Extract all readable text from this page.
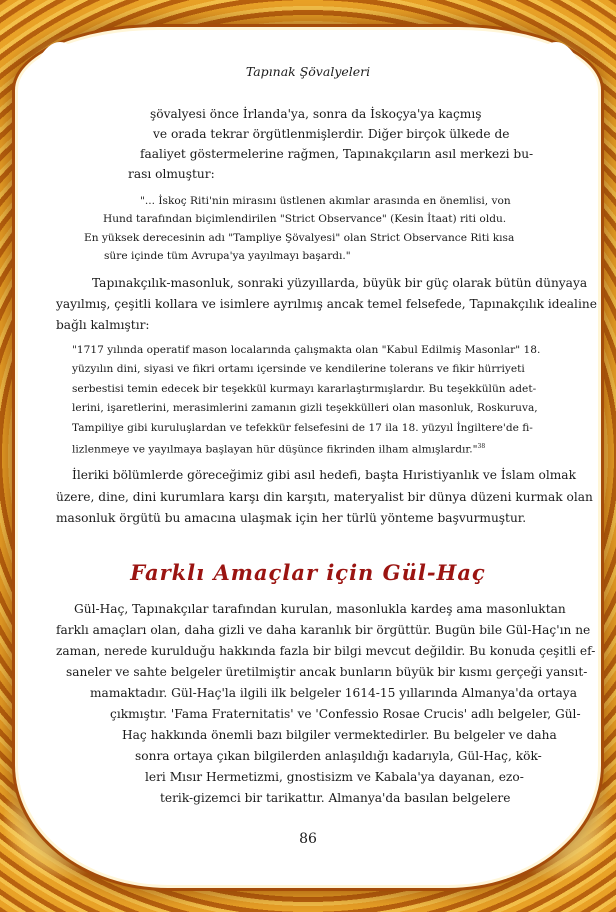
Tapınak Şövalyeleri
şövalyesi önce İrlanda'ya, sonra da İskoçya'ya kaçmış
ve orada tekrar örgütlenmişlerdir. Diğer birçok ülkede de
faaliyet göstermelerine rağmen, Tapınakçıların asıl merkezi bu-
rası olmuştur:
"... İskoç Riti'nin mirasını üstlenen akımlar arasında en önemlisi, von
Hund tarafından biçimlendirilen "Strict Observance" (Kesin İtaat) riti oldu.
En yüksek derecesinin adı "Tampliye Şövalyesi" olan Strict Observance Riti kısa
süre içinde tüm Avrupa'ya yayılmayı başardı."
Tapınakçılık-masonluk, sonraki yüzyıllarda, büyük bir güç olarak bütün dünyaya
yayılmış, çeşitli kollara ve isimlere ayrılmış ancak temel felsefede, Tapınakçılık idealine
bağlı kalmıştır:
"1717 yılında operatif mason localarında çalışmakta olan "Kabul Edilmiş Masonlar" 18.
yüzyılın dini, siyasi ve fikri ortamı içersinde ve kendilerine tolerans ve fikir hürriyeti
serbestisi temin edecek bir teşekkül kurmayı kararlaştırmışlardır. Bu teşekkülün adet-
lerini, işaretlerini, merasimlerini zamanın gizli teşekkülleri olan masonluk, Roskuruva,
Tampiliye gibi kuruluşlardan ve tefekkür felsefesini de 17 ila 18. yüzyıl İngiltere'de fi-
lizlenmeye ve yayılmaya başlayan hür düşünce fikrinden ilham almışlardır."$^{38}$
İleriki bölümlerde göreceğimiz gibi asıl hedefi, başta Hıristiyanlık ve İslam olmak
üzere, dine, dini kurumlara karşı din karşıtı, materyalist bir dünya düzeni kurmak olan
masonluk örgütü bu amacına ulaşmak için her türlü yönteme başvurmuştur.
Farklı Amaçlar için Gül-Haç
Gül-Haç, Tapınakçılar tarafından kurulan, masonlukla kardeş ama masonluktan
farklı amaçları olan, daha gizli ve daha karanlık bir örgüttür. Bugün bile Gül-Haç'ın ne
zaman, nerede kurulduğu hakkında fazla bir bilgi mevcut değildir. Bu konuda çeşitli ef-
saneler ve sahte belgeler üretilmiştir ancak bunların büyük bir kısmı gerçeği yansıt-
mamaktadır. Gül-Haç'la ilgili ilk belgeler 1614-15 yıllarında Almanya'da ortaya
çıkmıştır. 'Fama Fraternitatis' ve 'Confessio Rosae Crucis' adlı belgeler, Gül-
Haç hakkında önemli bazı bilgiler vermektedirler. Bu belgeler ve daha
sonra ortaya çıkan bilgilerden anlaşıldığı kadarıyla, Gül-Haç, kök-
leri Mısır Hermetizmi, gnostisizm ve Kabala'ya dayanan, ezo-
terik-gizemci bir tarikattır. Almanya'da basılan belgelere
86
